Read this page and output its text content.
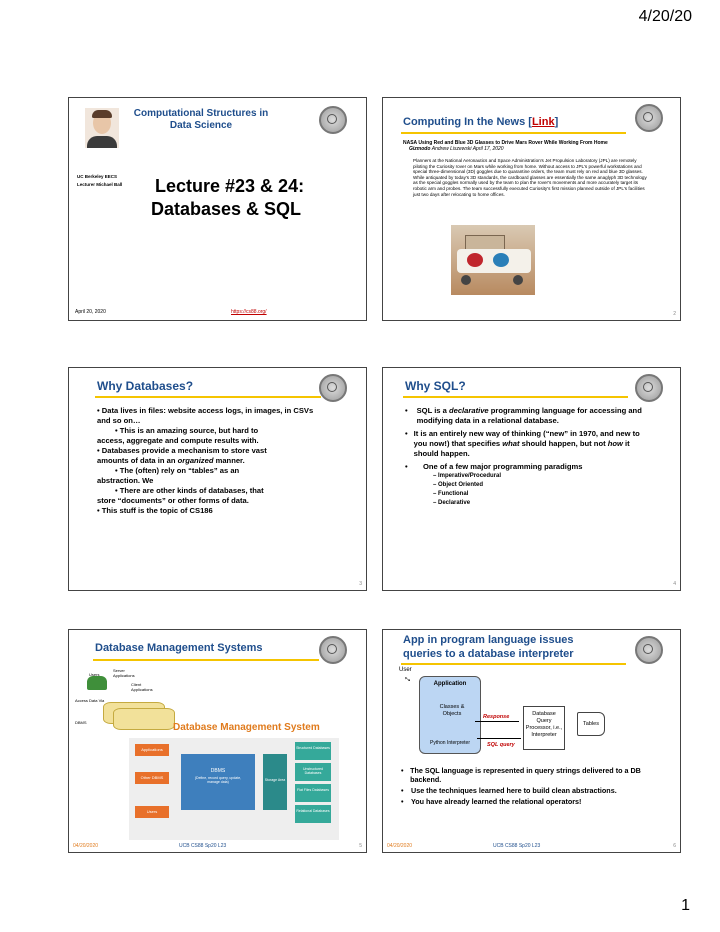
4/20/20
Computational Structures in Data Science
UC Berkeley EECS
Lecturer Michael Ball Lecture #23 & 24:
Databases & SQL
April 20, 2020	https://cs88.org/
Computing In the News [Link]
NASA Using Red and Blue 3D Glasses to Drive Mars Rover While Working From Home Gizmodo Andrew Liszewski April 17, 2020
Planners at the National Aeronautics and Space Administration's Jet Propulsion Laboratory (JPL) are remotely piloting the Curiosity rover on Mars while working from home. Without access to JPL's powerful workstations and special three-dimensional (3D) goggles due to quarantine orders, the team must rely on red and blue 3D glasses. While antiquated by today's 3D standards, the cardboard glasses are essentially the same anaglyph 3D technology as the special goggles normally used by the team to plan the rover's movements and more accurately target its robotic arm and probes. The team successfully executed Curiosity's first mission planned outside of JPL's facilities just two days after relocating to home offices.
2
Why Databases?
• Data lives in files: website access logs, in images, in CSVs and so on…
• This is an amazing source, but hard to
access, aggregate and compute results with.
• Databases provide a mechanism to store vast
amounts of data in an organized manner.
• The (often) rely on “tables” as an
abstraction. We
• There are other kinds of databases, that
store “documents” or other forms of data.
• This stuff is the topic of CS186
3
Why SQL?
•	SQL is a declarative programming language for accessing and modifying data in a relational database.
• It is an entirely new way of thinking (“new” in 1970, and new to you now!) that specifies what should happen, but not how it should happen.
•	One of a few major programming paradigms
– Imperative/Procedural
– Object Oriented
– Functional
– Declarative
4
Database Management Systems
Users
Server Applications
Client Applications
Access Data Via
DBMS	Database Management System
Applications
Other DBMS
Users
DBMS
(Define, record query, update, manage data)	Storage Area
Structured Databases
Unstructured Databases
Flat Files Databases
Relational Databases
04/20/2020	UCB CS88 Sp20 L23	5
App in program language issues
queries to a database interpreter
User
↔	Application
Classes & Objects	Response
Python Interpreter	SQL query
Database Query Processor, i.e., Interpreter
Tables
• The SQL language is represented in query strings delivered to a DB backend.
•	Use the techniques learned here to build clean abstractions.
•	You have already learned the relational operators!
04/20/2020	UCB CS88 Sp20 L23	6
1
